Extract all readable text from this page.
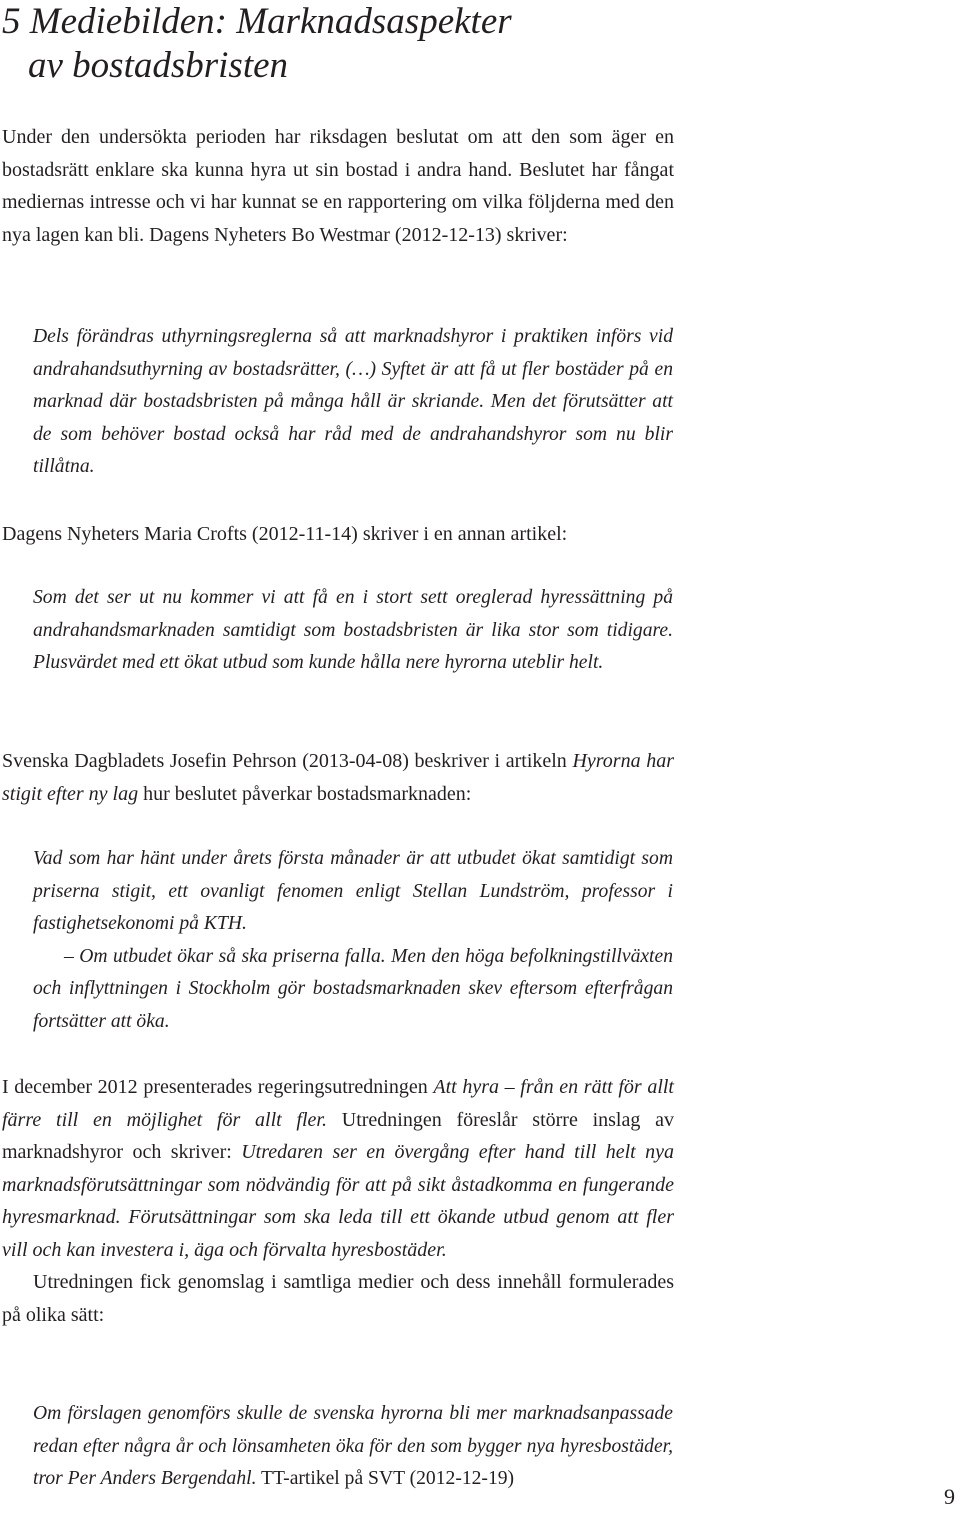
5 Mediebilden: Marknadsaspekter
av bostadsbristen

Under den undersökta perioden har riksdagen beslutat om att den som äger en bostadsrätt enklare ska kunna hyra ut sin bostad i andra hand. Beslutet har fångat mediernas intresse och vi har kunnat se en rapportering om vilka följderna med den nya lagen kan bli. Dagens Nyheters Bo Westmar (2012-12-13) skriver:

Dels förändras uthyrningsreglerna så att marknadshyror i praktiken införs vid andrahandsuthyrning av bostadsrätter, (…) Syftet är att få ut fler bostäder på en marknad där bostadsbristen på många håll är skriande. Men det förutsätter att de som behöver bostad också har råd med de andrahandshyror som nu blir tillåtna.

Dagens Nyheters Maria Crofts (2012-11-14) skriver i en annan artikel:

Som det ser ut nu kommer vi att få en i stort sett oreglerad hyressättning på andrahandsmarknaden samtidigt som bostadsbristen är lika stor som tidigare. Plusvärdet med ett ökat utbud som kunde hålla nere hyrorna uteblir helt.

Svenska Dagbladets Josefin Pehrson (2013-04-08) beskriver i artikeln Hyrorna har stigit efter ny lag hur beslutet påverkar bostadsmarknaden:

Vad som har hänt under årets första månader är att utbudet ökat samtidigt som priserna stigit, ett ovanligt fenomen enligt Stellan Lundström, professor i fastighetsekonomi på KTH.
– Om utbudet ökar så ska priserna falla. Men den höga befolkningstillväxten och inflyttningen i Stockholm gör bostadsmarknaden skev eftersom efterfrågan fortsätter att öka.
I december 2012 presenterades regeringsutredningen Att hyra – från en rätt för allt färre till en möjlighet för allt fler. Utredningen föreslår större inslag av marknadshyror och skriver: Utredaren ser en övergång efter hand till helt nya marknadsförutsättningar som nödvändig för att på sikt åstadkomma en fungerande hyresmarknad. Förutsättningar som ska leda till ett ökande utbud genom att fler vill och kan investera i, äga och förvalta hyresbostäder.
Utredningen fick genomslag i samtliga medier och dess innehåll formulerades på olika sätt:

Om förslagen genomförs skulle de svenska hyrorna bli mer marknadsanpassade redan efter några år och lönsamheten öka för den som bygger nya hyresbostäder, tror Per Anders Bergendahl. TT-artikel på SVT (2012-12-19)

9
